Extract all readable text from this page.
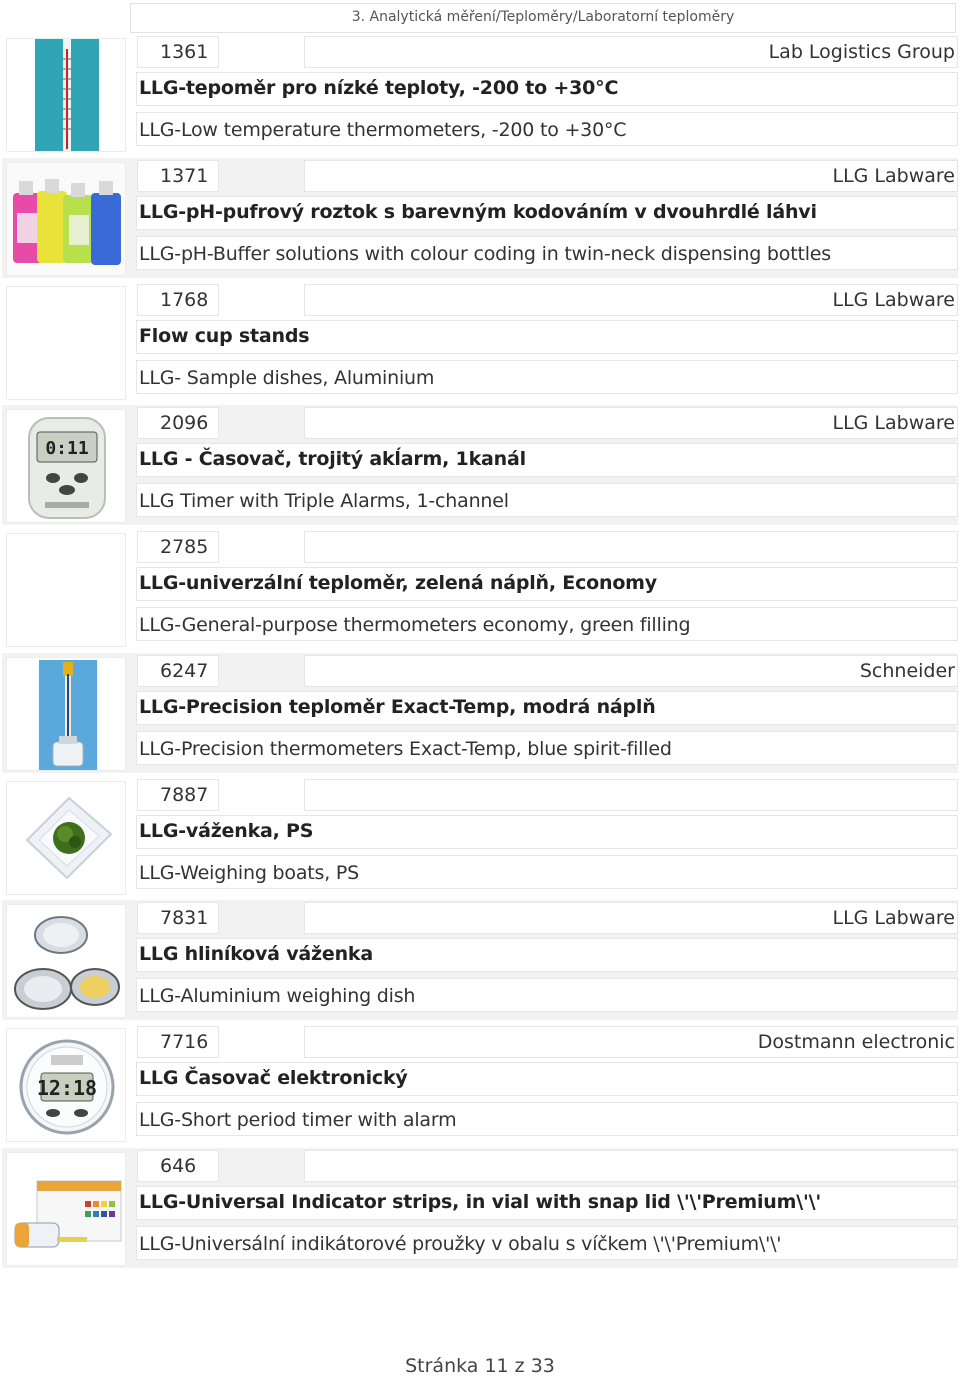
3. Analytická měření/Teploměry/Laboratorní teploměry
1361	Lab Logistics Group
LLG-tepoměr pro nízké teploty, -200 to +30°C
LLG-Low temperature thermometers, -200 to +30°C
1371	LLG Labware
LLG-pH-pufrový roztok s barevným kodováním v dvouhrdlé láhvi
LLG-pH-Buffer solutions with colour coding in twin-neck dispensing bottles
1768	LLG Labware
Flow cup stands
LLG- Sample dishes, Aluminium
0:11
2096	LLG Labware
LLG - Časovač, trojitý akĺarm, 1kanál
LLG Timer with Triple Alarms, 1-channel
2785
LLG-univerzální teploměr, zelená náplň, Economy
LLG-General-purpose thermometers economy, green filling
6247	Schneider
LLG-Precision teploměr Exact-Temp, modrá náplň
LLG-Precision thermometers Exact-Temp, blue spirit-filled
7887
LLG-váženka, PS
LLG-Weighing boats, PS
7831	LLG Labware
LLG hliníková váženka
LLG-Aluminium weighing dish
12:18
7716	Dostmann electronic
LLG Časovač elektronický
LLG-Short period timer with alarm
646
LLG-Universal Indicator strips, in vial with snap lid \'\'Premium\'\'
LLG-Universální indikátorové proužky v obalu s víčkem \'\'Premium\'\'
Stránka 11 z 33
